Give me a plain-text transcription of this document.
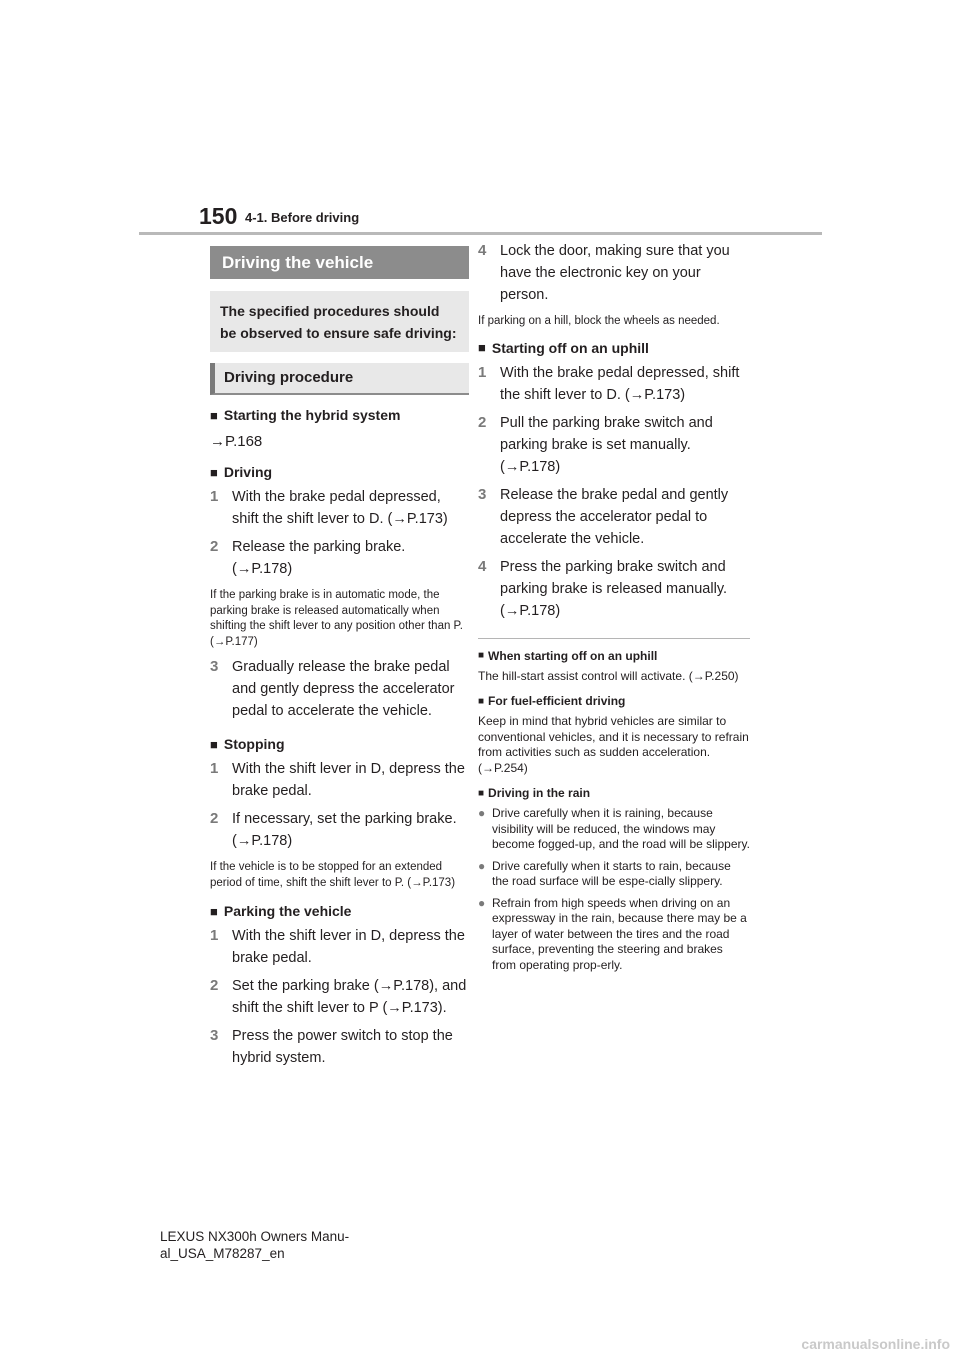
150 4-1. Before driving
Driving the vehicle
The specified procedures should be observed to ensure safe driving:
Driving procedure
■ Starting the hybrid system
→P.168
■ Driving
1 With the brake pedal depressed, shift the shift lever to D. (→P.173)
2 Release the parking brake. (→P.178)
If the parking brake is in automatic mode, the parking brake is released automatically when shifting the shift lever to any position other than P. (→P.177)
3 Gradually release the brake pedal and gently depress the accelerator pedal to accelerate the vehicle.
■ Stopping
1 With the shift lever in D, depress the brake pedal.
2 If necessary, set the parking brake. (→P.178)
If the vehicle is to be stopped for an extended period of time, shift the shift lever to P. (→P.173)
■ Parking the vehicle
1 With the shift lever in D, depress the brake pedal.
2 Set the parking brake (→P.178), and shift the shift lever to P (→P.173).
3 Press the power switch to stop the hybrid system.
4 Lock the door, making sure that you have the electronic key on your person.
If parking on a hill, block the wheels as needed.
■ Starting off on an uphill
1 With the brake pedal depressed, shift the shift lever to D. (→P.173)
2 Pull the parking brake switch and parking brake is set manually. (→P.178)
3 Release the brake pedal and gently depress the accelerator pedal to accelerate the vehicle.
4 Press the parking brake switch and parking brake is released manually. (→P.178)
■ When starting off on an uphill
The hill-start assist control will activate. (→P.250)
■ For fuel-efficient driving
Keep in mind that hybrid vehicles are similar to conventional vehicles, and it is necessary to refrain from activities such as sudden acceleration. (→P.254)
■ Driving in the rain
● Drive carefully when it is raining, because visibility will be reduced, the windows may become fogged-up, and the road will be slippery.
● Drive carefully when it starts to rain, because the road surface will be espe-cially slippery.
● Refrain from high speeds when driving on an expressway in the rain, because there may be a layer of water between the tires and the road surface, preventing the steering and brakes from operating prop-erly.
LEXUS NX300h Owners Manu-
al_USA_M78287_en
carmanualsonline.info
